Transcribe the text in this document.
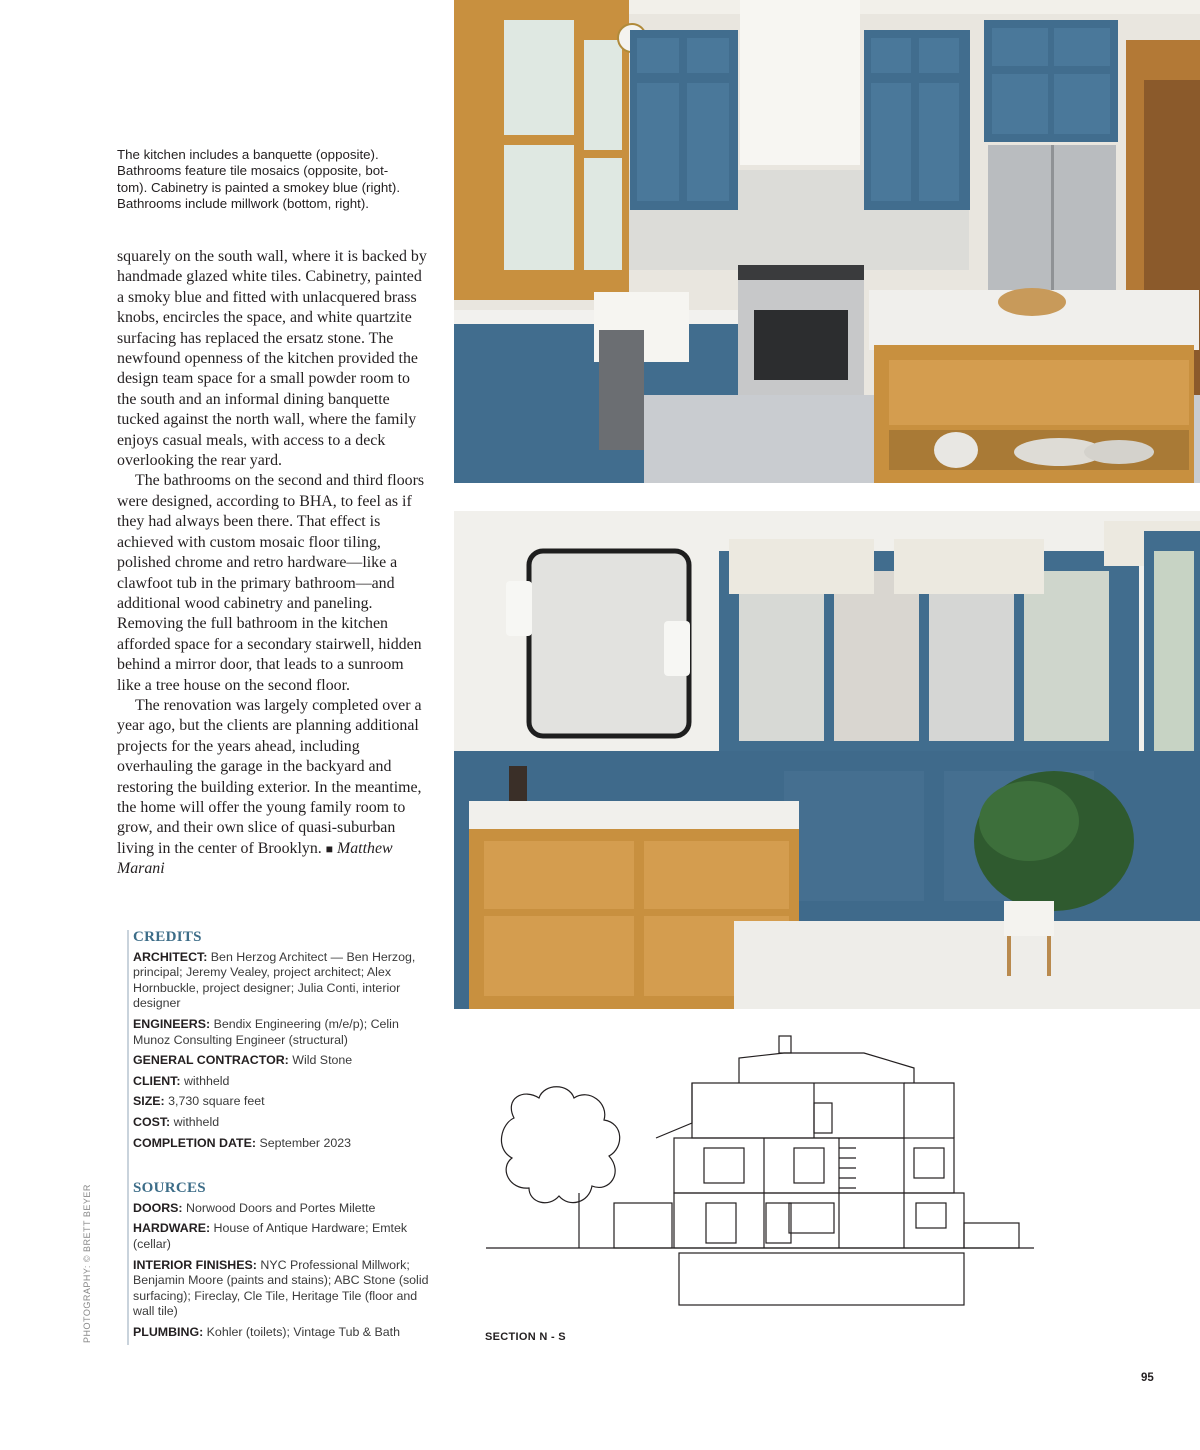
The kitchen includes a banquette (opposite).

Bathrooms feature tile mosaics (opposite, bot-

tom). Cabinetry is painted a smokey blue (right).

Bathrooms include millwork (bottom, right).

squarely on the south wall, where it is backed by handmade glazed white tiles. Cabinetry, painted a smoky blue and fitted with unlacquered brass knobs, encircles the space, and white quartzite surfacing has replaced the ersatz stone. The newfound openness of the kitchen provided the design team space for a small powder room to the south and an informal dining banquette tucked against the north wall, where the family enjoys casual meals, with access to a deck overlooking the rear yard.

The bathrooms on the second and third floors were designed, according to BHA, to feel as if they had always been there. That effect is achieved with custom mosaic floor tiling, polished chrome and retro hardware—like a clawfoot tub in the primary bathroom—and additional wood cabinetry and paneling. Removing the full bathroom in the kitchen afforded space for a secondary stairwell, hidden behind a mirror door, that leads to a sunroom like a tree house on the second floor.

The renovation was largely completed over a year ago, but the clients are planning additional projects for the years ahead, including overhauling the garage in the backyard and restoring the building exterior. In the meantime, the home will offer the young family room to grow, and their own slice of quasi-suburban living in the center of Brooklyn. ■ Matthew Marani

CREDITS

ARCHITECT: Ben Herzog Architect — Ben Herzog, principal; Jeremy Vealey, project architect; Alex Hornbuckle, project designer; Julia Conti, interior designer

ENGINEERS: Bendix Engineering (m/e/p); Celin Munoz Consulting Engineer (structural)

GENERAL CONTRACTOR: Wild Stone

CLIENT: withheld

SIZE: 3,730 square feet

COST: withheld

COMPLETION DATE: September 2023

SOURCES

DOORS: Norwood Doors and Portes Milette

HARDWARE: House of Antique Hardware; Emtek (cellar)

INTERIOR FINISHES: NYC Professional Millwork; Benjamin Moore (paints and stains); ABC Stone (solid surfacing); Fireclay, Cle Tile, Heritage Tile (floor and wall tile)

PLUMBING: Kohler (toilets); Vintage Tub & Bath

PHOTOGRAPHY: © BRETT BEYER	SECTION N - S
95
